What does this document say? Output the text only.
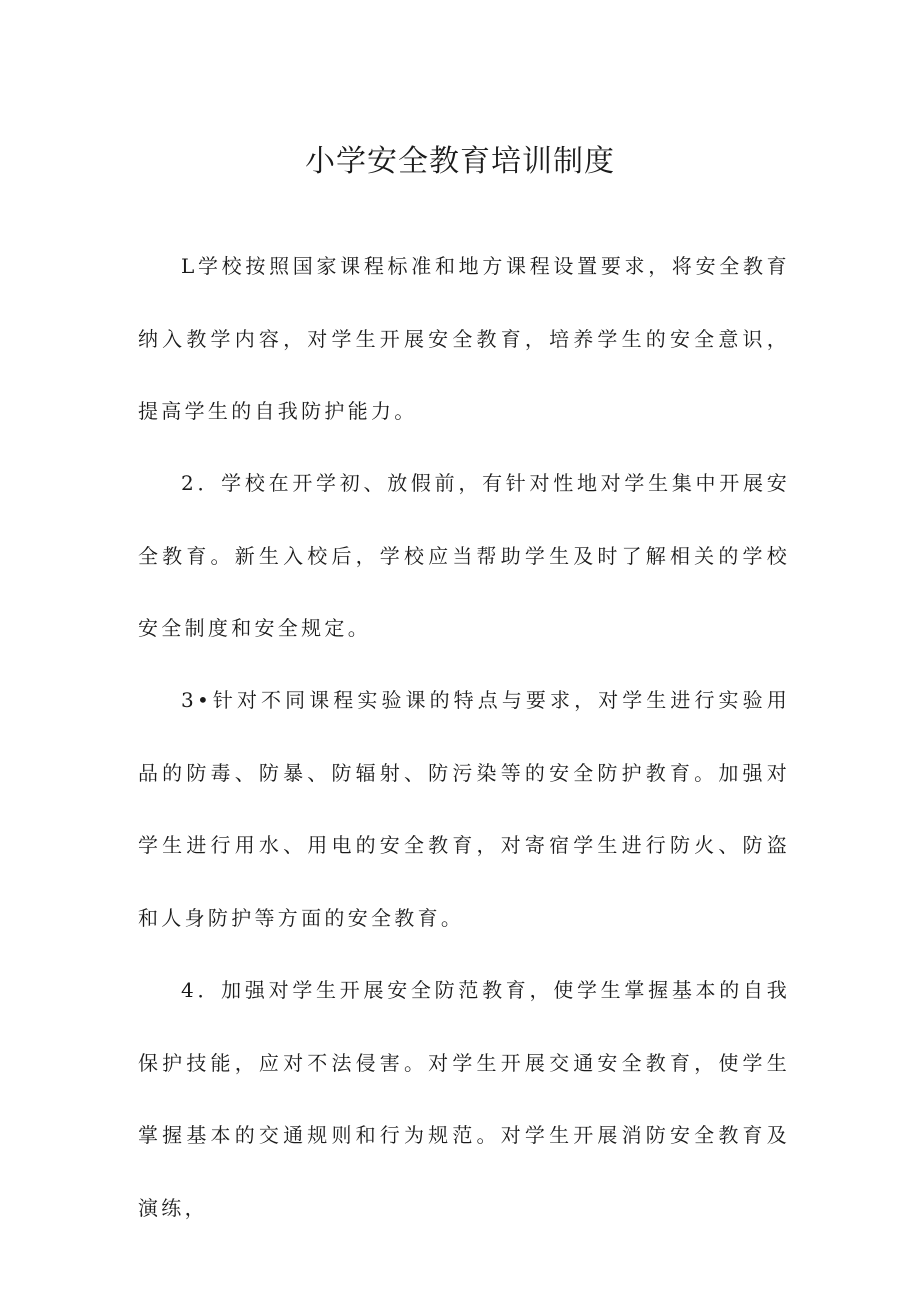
小学安全教育培训制度
L学校按照国家课程标准和地方课程设置要求，将安全教育纳入教学内容，对学生开展安全教育，培养学生的安全意识，提高学生的自我防护能力。
2．学校在开学初、放假前，有针对性地对学生集中开展安全教育。新生入校后，学校应当帮助学生及时了解相关的学校安全制度和安全规定。
3•针对不同课程实验课的特点与要求，对学生进行实验用品的防毒、防暴、防辐射、防污染等的安全防护教育。加强对学生进行用水、用电的安全教育，对寄宿学生进行防火、防盗和人身防护等方面的安全教育。
4．加强对学生开展安全防范教育，使学生掌握基本的自我保护技能，应对不法侵害。对学生开展交通安全教育，使学生掌握基本的交通规则和行为规范。对学生开展消防安全教育及演练，
